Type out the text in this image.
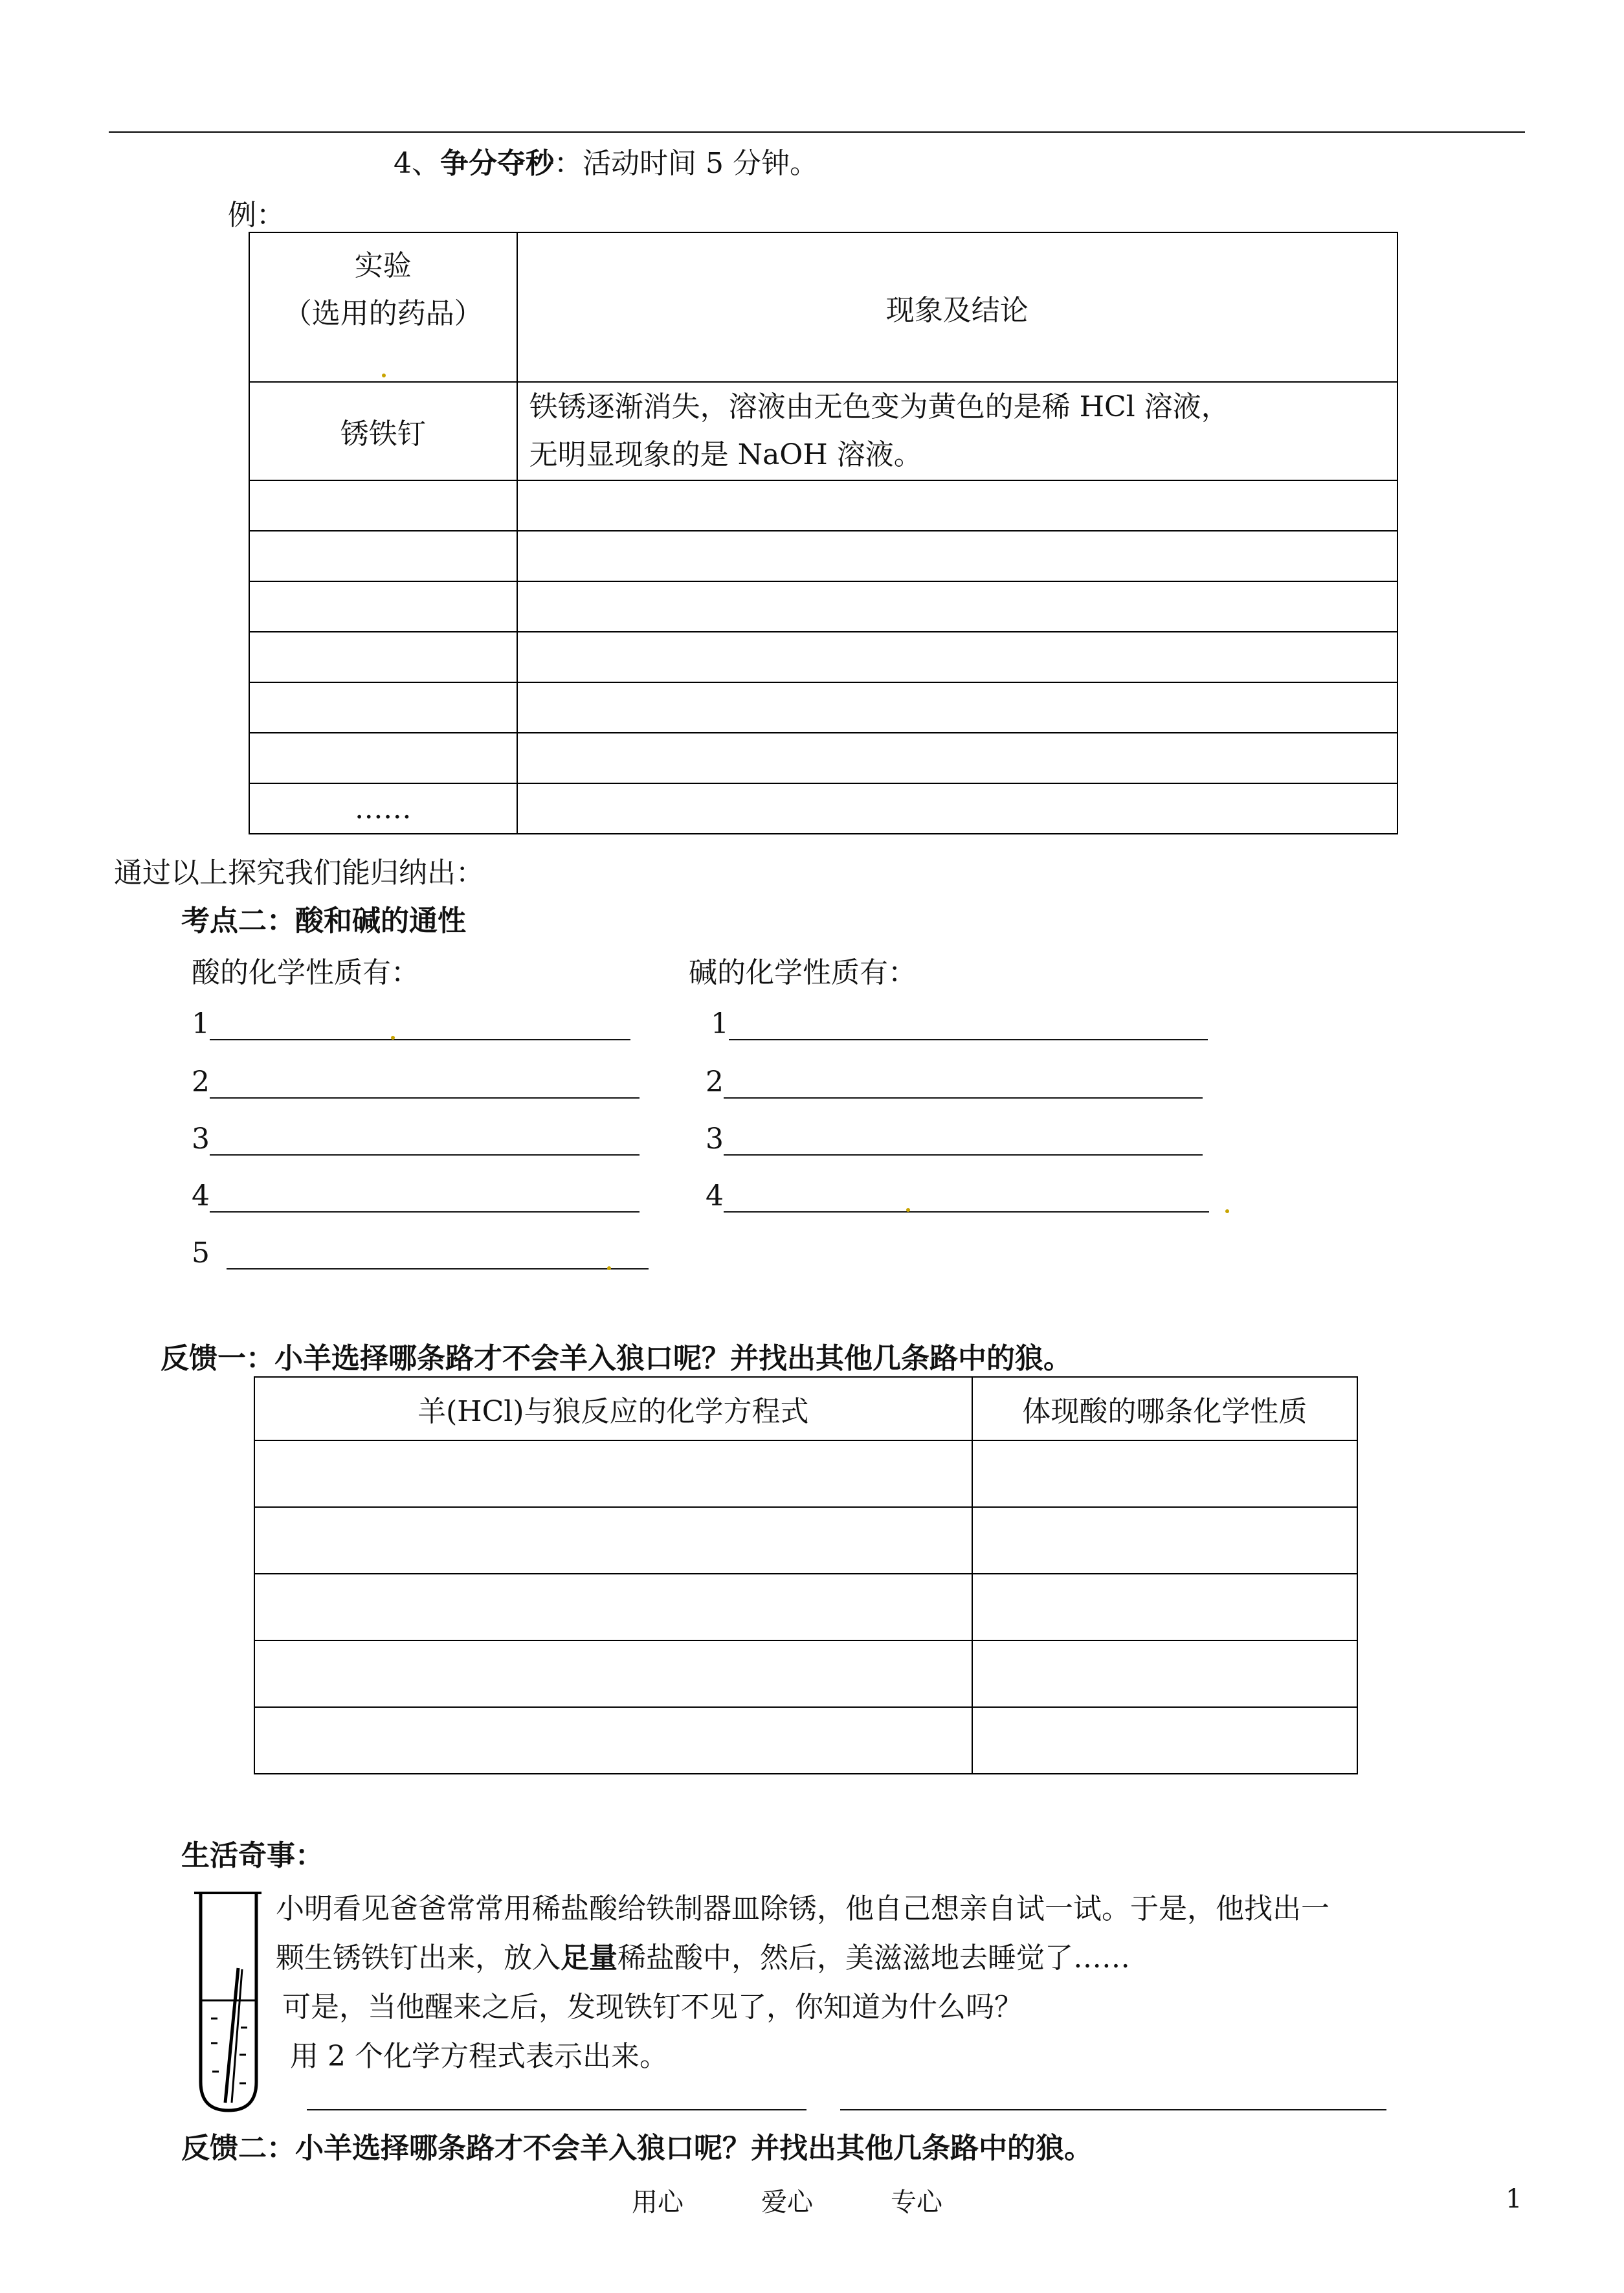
4、争分夺秒：活动时间 5 分钟。
例：
实验
（选用的药品）	现象及结论
锈铁钉	铁锈逐渐消失，溶液由无色变为黄色的是稀 HCl 溶液，
无明显现象的是 NaOH 溶液。

……	
通过以上探究我们能归纳出：
考点二：酸和碱的通性
酸的化学性质有：	碱的化学性质有：
1
2
3
4
5
1
2
3
4
反馈一：小羊选择哪条路才不会羊入狼口呢？并找出其他几条路中的狼。
羊(HCl)与狼反应的化学方程式	体现酸的哪条化学性质

生活奇事：
小明看见爸爸常常用稀盐酸给铁制器皿除锈，他自己想亲自试一试。于是，他找出一
颗生锈铁钉出来，放入足量稀盐酸中，然后，美滋滋地去睡觉了……
可是，当他醒来之后，发现铁钉不见了，你知道为什么吗？
用 2 个化学方程式表示出来。
反馈二：小羊选择哪条路才不会羊入狼口呢？并找出其他几条路中的狼。
用心	爱心	专心	1
